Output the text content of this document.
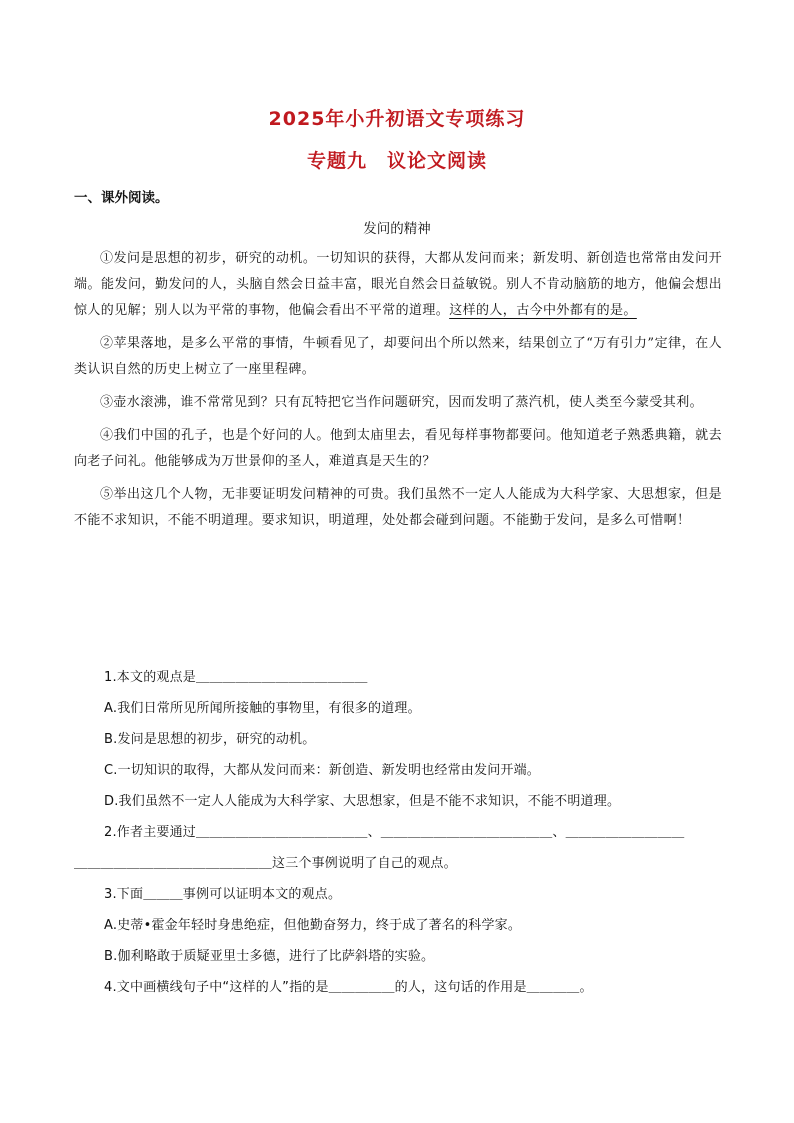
2025年小升初语文专项练习
专题九　议论文阅读
一、课外阅读。
发问的精神

①发问是思想的初步，研究的动机。一切知识的获得，大都从发问而来；新发明、新创造也常常由发问开端。能发问，勤发问的人，头脑自然会日益丰富，眼光自然会日益敏锐。别人不肯动脑筋的地方，他偏会想出惊人的见解；别人以为平常的事物，他偏会看出不平常的道理。这样的人，古今中外都有的是。

②苹果落地，是多么平常的事情，牛顿看见了，却要问出个所以然来，结果创立了“万有引力”定律，在人类认识自然的历史上树立了一座里程碑。

③壶水滚沸，谁不常常见到？只有瓦特把它当作问题研究，因而发明了蒸汽机，使人类至今蒙受其利。

④我们中国的孔子，也是个好问的人。他到太庙里去，看见每样事物都要问。他知道老子熟悉典籍，就去向老子问礼。他能够成为万世景仰的圣人，难道真是天生的？

⑤举出这几个人物，无非要证明发问精神的可贵。我们虽然不一定人人能成为大科学家、大思想家，但是不能不求知识，不能不明道理。要求知识，明道理，处处都会碰到问题。不能勤于发问，是多么可惜啊！

1.本文的观点是＿＿＿＿＿＿＿＿＿＿＿＿＿

A.我们日常所见所闻所接触的事物里，有很多的道理。

B.发问是思想的初步，研究的动机。

C.一切知识的取得，大都从发问而来：新创造、新发明也经常由发问开端。

D.我们虽然不一定人人能成为大科学家、大思想家，但是不能不求知识，不能不明道理。

2.作者主要通过＿＿＿＿＿＿＿＿＿＿＿＿＿、＿＿＿＿＿＿＿＿＿＿＿＿＿、＿＿＿＿＿＿＿＿＿

＿＿＿＿＿＿＿＿＿＿＿＿＿＿＿这三个事例说明了自己的观点。

3.下面＿＿＿事例可以证明本文的观点。

A.史蒂•霍金年轻时身患绝症，但他勤奋努力，终于成了著名的科学家。

B.伽利略敢于质疑亚里士多德，进行了比萨斜塔的实验。

4.文中画横线句子中“这样的人”指的是＿＿＿＿＿的人，这句话的作用是＿＿＿＿。
